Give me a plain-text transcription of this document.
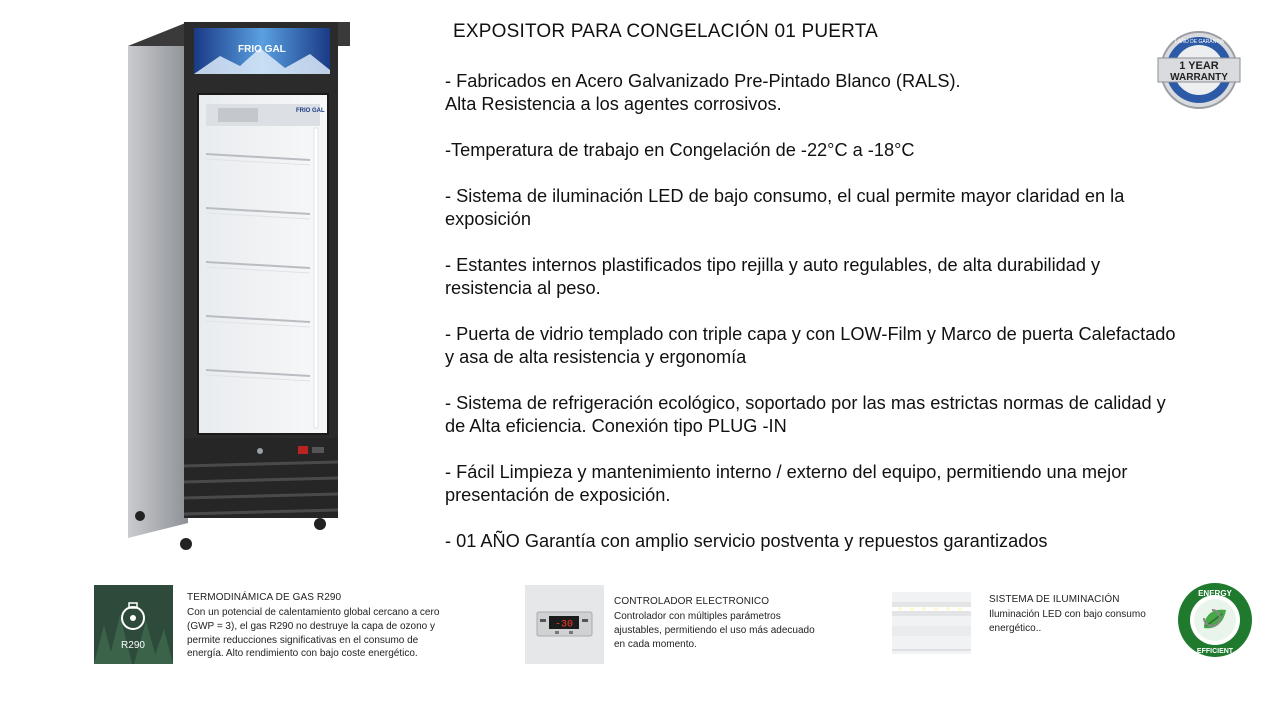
FRIO GAL
FRIO GAL
EXPOSITOR PARA CONGELACIÓN 01 PUERTA
- Fabricados en Acero Galvanizado Pre-Pintado Blanco (RALS).
Alta Resistencia a los agentes corrosivos.
-Temperatura de trabajo en Congelación de -22°C a -18°C
- Sistema de iluminación LED de bajo consumo, el cual permite mayor claridad en la
exposición
- Estantes internos plastificados tipo rejilla y auto regulables, de alta durabilidad y
resistencia al peso.
- Puerta de vidrio templado con triple capa y con LOW-Film y Marco de puerta Calefactado
y asa de alta resistencia y ergonomía
- Sistema de refrigeración ecológico, soportado por las mas estrictas normas de calidad y
de Alta eficiencia. Conexión tipo PLUG -IN
- Fácil Limpieza y mantenimiento interno / externo del equipo, permitiendo una mejor
presentación de exposición.
- 01 AÑO Garantía con amplio servicio postventa y repuestos garantizados
1 AÑO DE GARANTIA
1 YEAR
WARRANTY
R290
TERMODINÁMICA DE GAS R290
Con un potencial de calentamiento global cercano a cero
(GWP = 3), el gas R290 no destruye la capa de ozono y
permite reducciones significativas en el consumo de
energía. Alto rendimiento con bajo coste energético.
-30
CONTROLADOR ELECTRONICO
Controlador con múltiples parámetros
ajustables, permitiendo el uso más adecuado
en cada momento.
SISTEMA DE ILUMINACIÓN
Iluminación LED con bajo consumo
energético..
ENERGY
EFFICIENT
